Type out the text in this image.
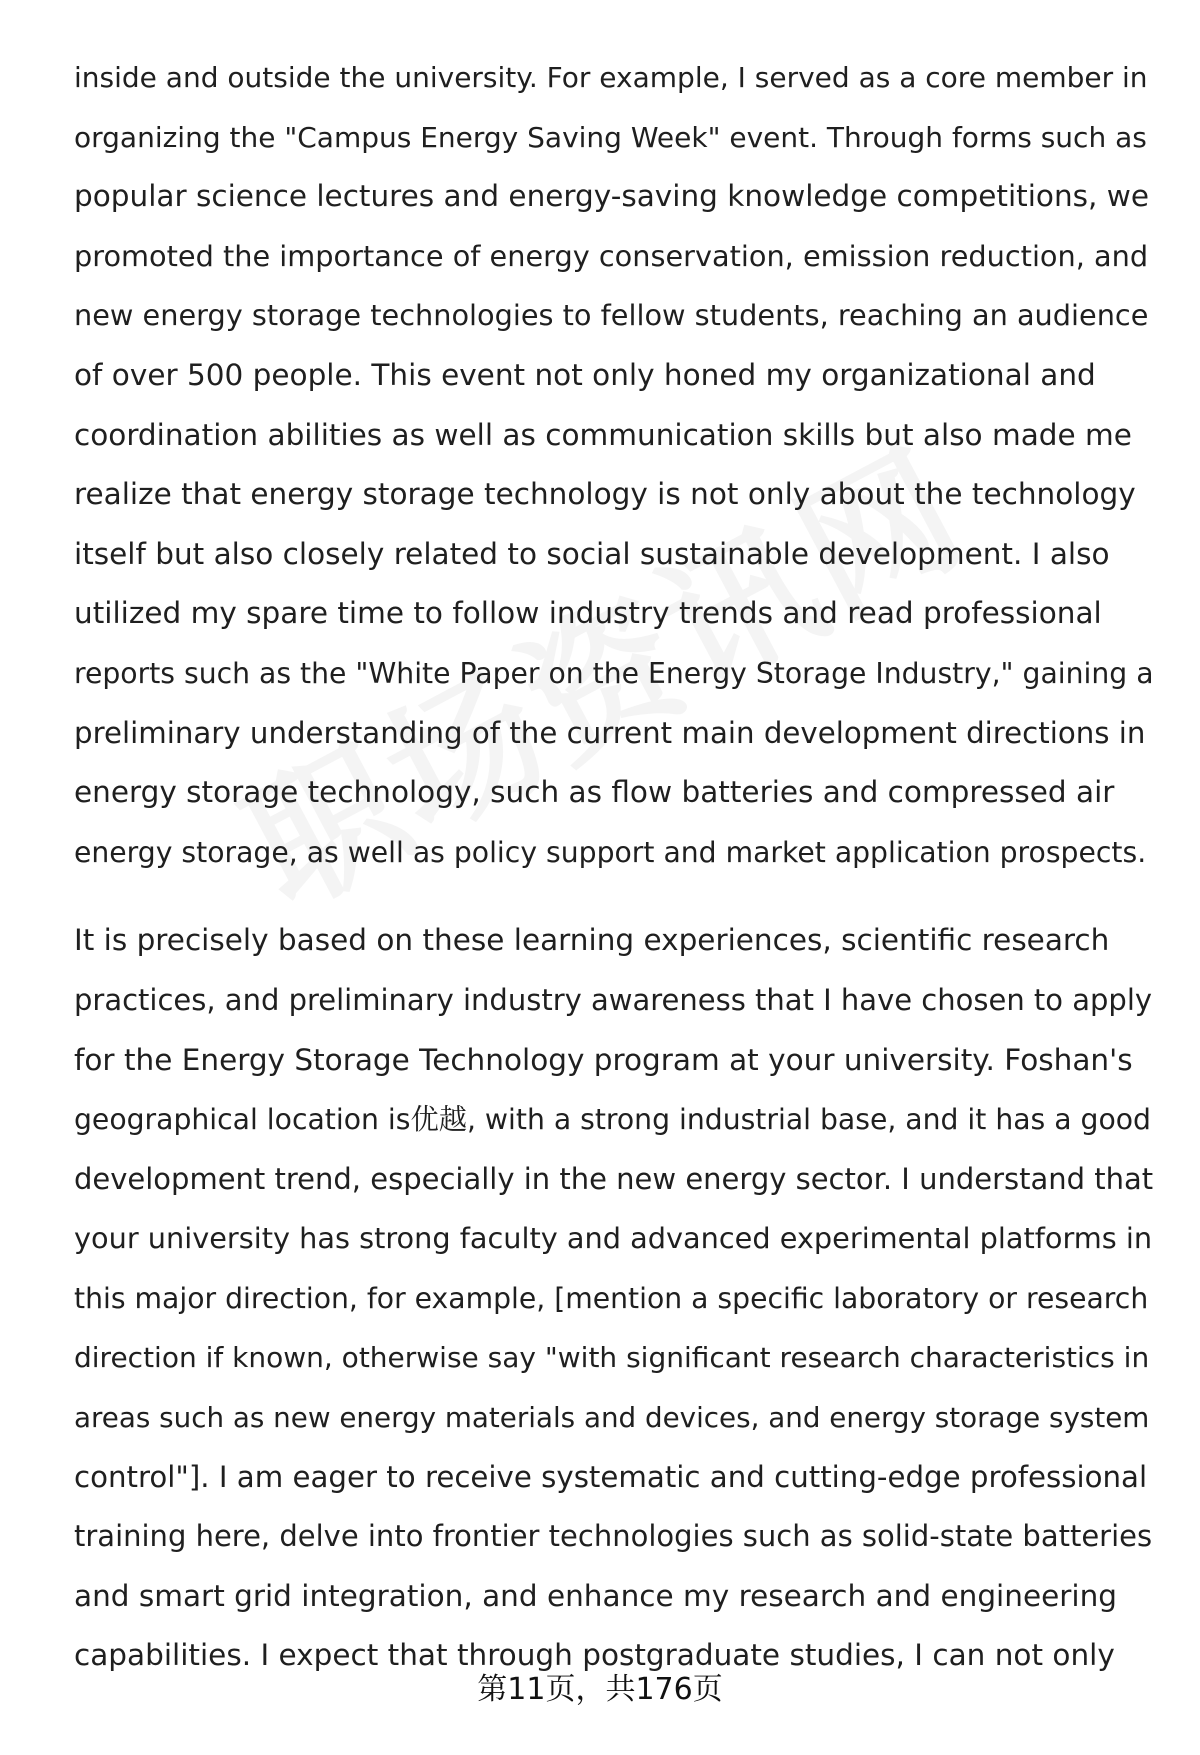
inside and outside the university. For example, I served as a core member in
organizing the "Campus Energy Saving Week" event. Through forms such as
popular science lectures and energy-saving knowledge competitions, we
promoted the importance of energy conservation, emission reduction, and
new energy storage technologies to fellow students, reaching an audience
of over 500 people. This event not only honed my organizational and
coordination abilities as well as communication skills but also made me
realize that energy storage technology is not only about the technology
itself but also closely related to social sustainable development. I also
utilized my spare time to follow industry trends and read professional
reports such as the "White Paper on the Energy Storage Industry," gaining a
preliminary understanding of the current main development directions in
energy storage technology, such as flow batteries and compressed air
energy storage, as well as policy support and market application prospects.
It is precisely based on these learning experiences, scientific research
practices, and preliminary industry awareness that I have chosen to apply
for the Energy Storage Technology program at your university. Foshan's
geographical location is优越, with a strong industrial base, and it has a good
development trend, especially in the new energy sector. I understand that
your university has strong faculty and advanced experimental platforms in
this major direction, for example, [mention a specific laboratory or research
direction if known, otherwise say "with significant research characteristics in
areas such as new energy materials and devices, and energy storage system
control"]. I am eager to receive systematic and cutting-edge professional
training here, delve into frontier technologies such as solid-state batteries
and smart grid integration, and enhance my research and engineering
capabilities. I expect that through postgraduate studies, I can not only
第11页，共176页
